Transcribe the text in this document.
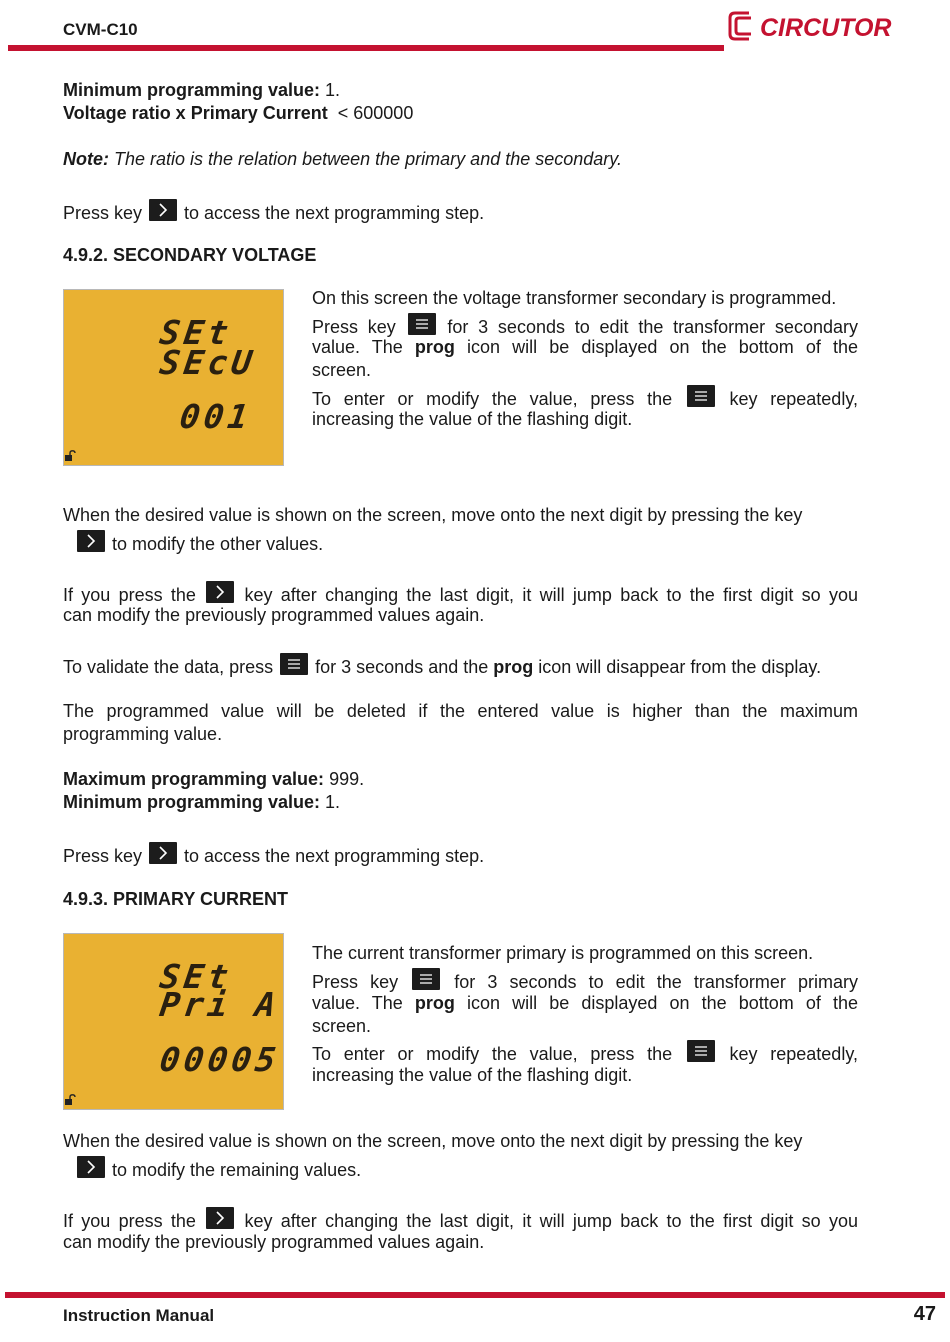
CVM-C10	CIRCUTOR
Minimum programming value: 1.
Voltage ratio x Primary Current  < 600000
Note: The ratio is the relation between the primary and the secondary.
Press key
to access the next programming step.
4.9.2. SECONDARY VOLTAGE
SEt
SEcU
001
On this screen the voltage transformer secondary is programmed.
Press key
for 3 seconds to edit the transformer secondary
value. The prog icon will be displayed on the bottom of the
screen.
To enter or modify the value, press the
key repeatedly,
increasing the value of the flashing digit.
When the desired value is shown on the screen, move onto the next digit by pressing the key
to modify the other values.
If you press the
key after changing the last digit, it will jump back to the first digit so you
can modify the previously programmed values again.
To validate the data, press
for 3 seconds and the prog icon will disappear from the display.
The programmed value will be deleted if the entered value is higher than the maximum programming value.
Maximum programming value: 999.
Minimum programming value: 1.
Press key
to access the next programming step.
4.9.3. PRIMARY CURRENT
SEt
Pri A
00005
The current transformer primary is programmed on this screen.
Press key
for 3 seconds to edit the transformer primary
value. The prog icon will be displayed on the bottom of the
screen.
To enter or modify the value, press the
key repeatedly,
increasing the value of the flashing digit.
When the desired value is shown on the screen, move onto the next digit by pressing the key
to modify the remaining values.
If you press the
key after changing the last digit, it will jump back to the first digit so you
can modify the previously programmed values again.
Instruction Manual	47
